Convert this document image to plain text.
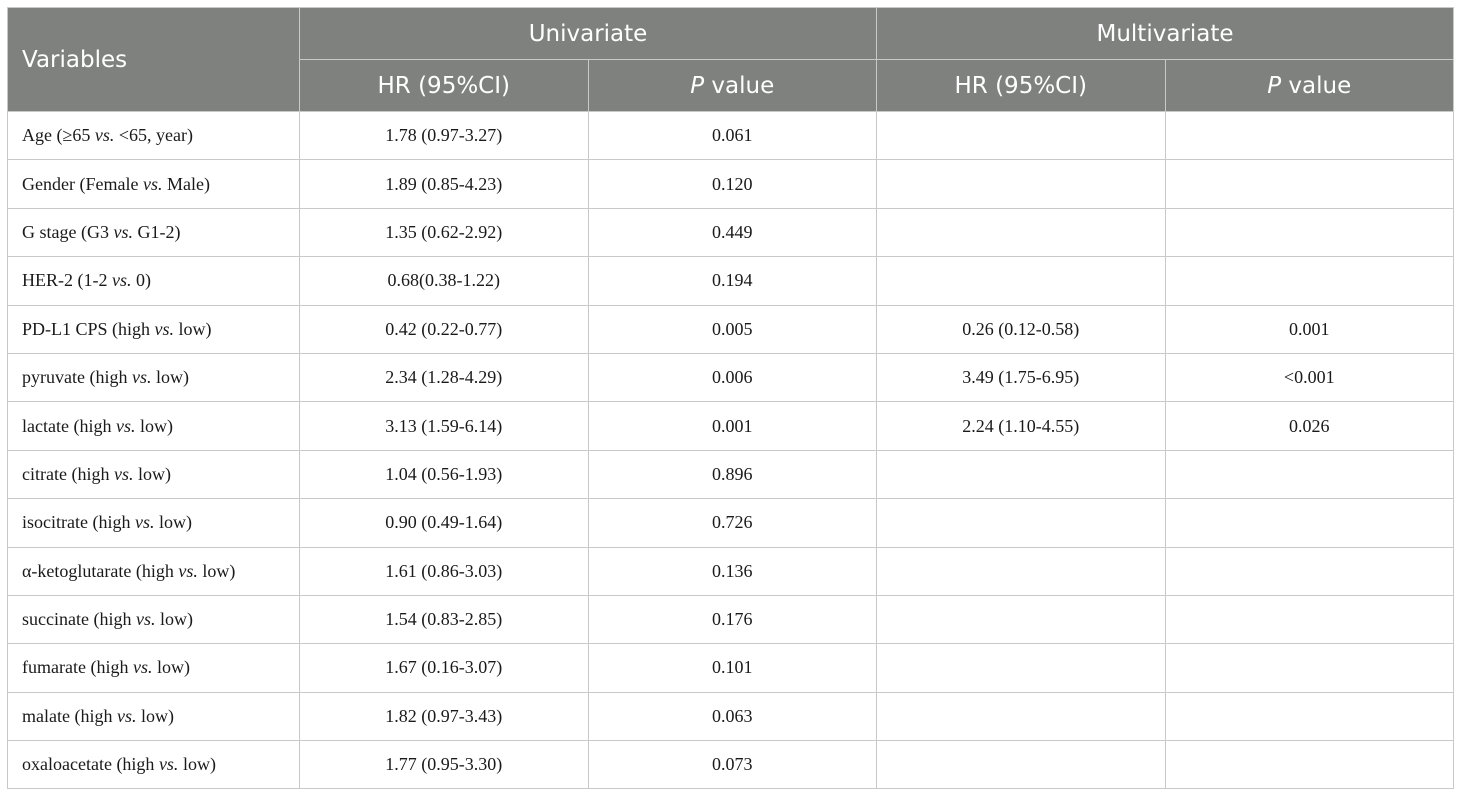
Variables	Univariate		Multivariate	
	HR (95%CI)	P value	HR (95%CI)	P value
Age (≥65 vs. <65, year)	1.78 (0.97-3.27)	0.061		
Gender (Female vs. Male)	1.89 (0.85-4.23)	0.120		
G stage (G3 vs. G1-2)	1.35 (0.62-2.92)	0.449		
HER-2 (1-2 vs. 0)	0.68(0.38-1.22)	0.194		
PD-L1 CPS (high vs. low)	0.42 (0.22-0.77)	0.005	0.26 (0.12-0.58)	0.001
pyruvate (high vs. low)	2.34 (1.28-4.29)	0.006	3.49 (1.75-6.95)	<0.001
lactate (high vs. low)	3.13 (1.59-6.14)	0.001	2.24 (1.10-4.55)	0.026
citrate (high vs. low)	1.04 (0.56-1.93)	0.896		
isocitrate (high vs. low)	0.90 (0.49-1.64)	0.726		
α-ketoglutarate (high vs. low)	1.61 (0.86-3.03)	0.136		
succinate (high vs. low)	1.54 (0.83-2.85)	0.176		
fumarate (high vs. low)	1.67 (0.16-3.07)	0.101		
malate (high vs. low)	1.82 (0.97-3.43)	0.063		
oxaloacetate (high vs. low)	1.77 (0.95-3.30)	0.073		
